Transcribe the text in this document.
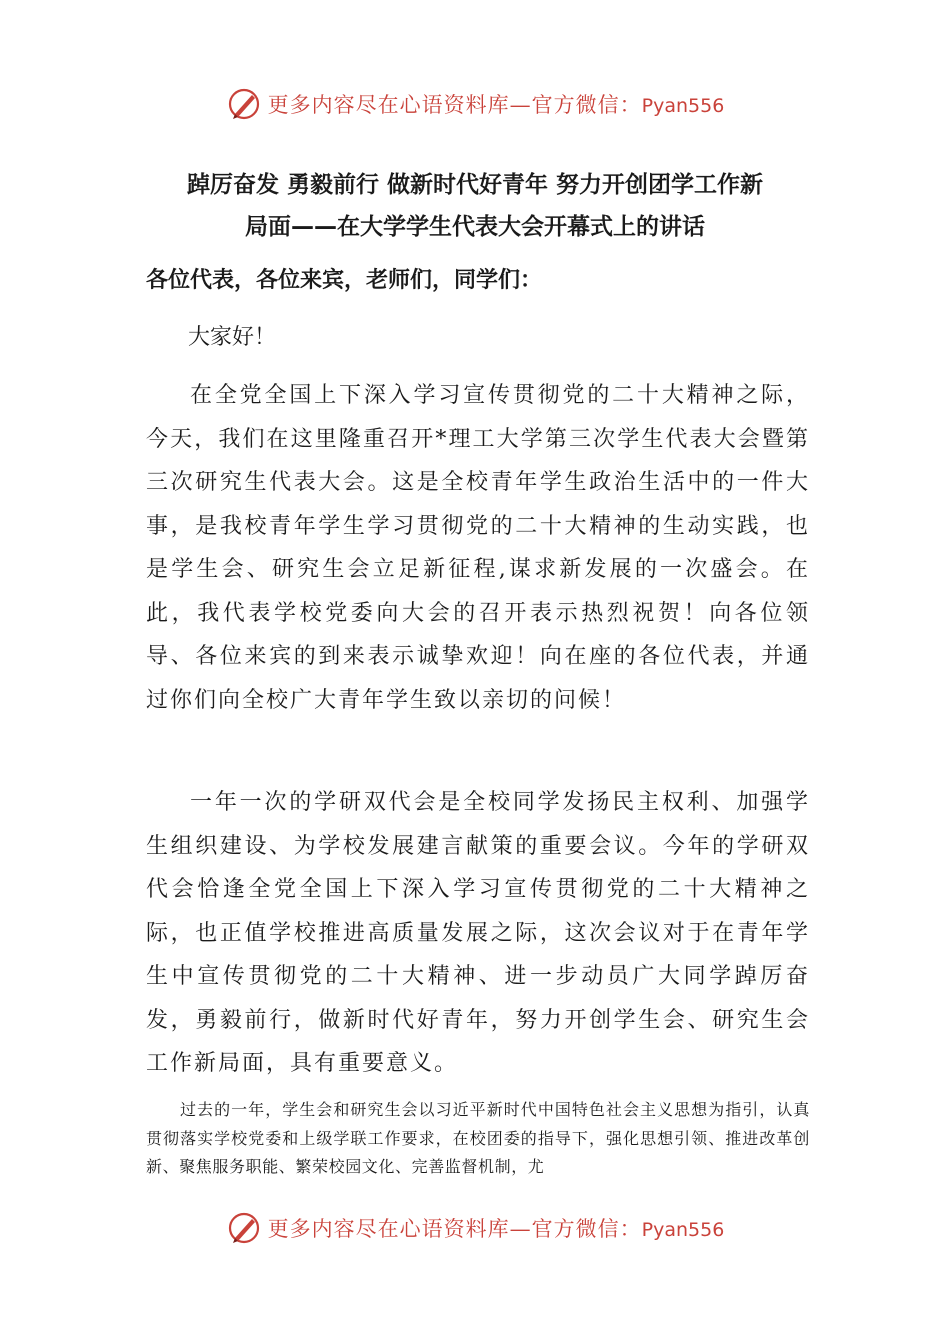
更多内容尽在心语资料库—官方微信：Pyan556
踔厉奋发 勇毅前行 做新时代好青年 努力开创团学工作新
局面——在大学学生代表大会开幕式上的讲话

各位代表，各位来宾，老师们，同学们：

大家好！

在全党全国上下深入学习宣传贯彻党的二十大精神之际，今天，我们在这里隆重召开*理工大学第三次学生代表大会暨第三次研究生代表大会。这是全校青年学生政治生活中的一件大事，是我校青年学生学习贯彻党的二十大精神的生动实践，也是学生会、研究生会立足新征程,谋求新发展的一次盛会。在此，我代表学校党委向大会的召开表示热烈祝贺！向各位领导、各位来宾的到来表示诚挚欢迎！向在座的各位代表，并通过你们向全校广大青年学生致以亲切的问候！

一年一次的学研双代会是全校同学发扬民主权利、加强学生组织建设、为学校发展建言献策的重要会议。今年的学研双代会恰逢全党全国上下深入学习宣传贯彻党的二十大精神之际，也正值学校推进高质量发展之际，这次会议对于在青年学生中宣传贯彻党的二十大精神、进一步动员广大同学踔厉奋发，勇毅前行，做新时代好青年，努力开创学生会、研究生会工作新局面，具有重要意义。

过去的一年，学生会和研究生会以习近平新时代中国特色社会主义思想为指引，认真贯彻落实学校党委和上级学联工作要求，在校团委的指导下，强化思想引领、推进改革创新、聚焦服务职能、繁荣校园文化、完善监督机制，尤

更多内容尽在心语资料库—官方微信：Pyan556
